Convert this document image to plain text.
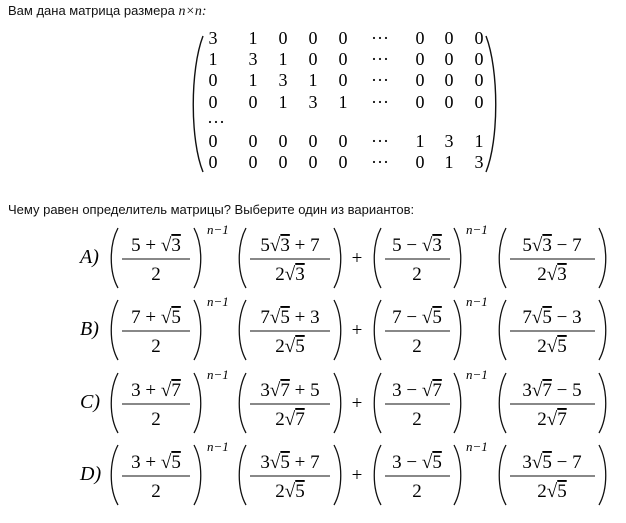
Вам дана матрица размера n×n:
3 1 0 0 0 ··· 0 0 0
1 3 1 0 0 ··· 0 0 0
0 1 3 1 0 ··· 0 0 0
0 0 1 3 1 ··· 0 0 0
···
0 0 0 0 0 ··· 1 3 1
0 0 0 0 0 ··· 0 1 3
Чему равен определитель матрицы? Выберите один из вариантов:
A)
5 + √3
2
5√3 + 7
2√3
5 − √3
2
5√3 − 7
2√3
n−1	n−1
+
B)
7 + √5
2
7√5 + 3
2√5
7 − √5
2
7√5 − 3
2√5
n−1	n−1
+
C)
3 + √7
2
3√7 + 5
2√7
3 − √7
2
3√7 − 5
2√7
n−1	n−1
+
D)
3 + √5
2
3√5 + 7
2√5
3 − √5
2
3√5 − 7
2√5
n−1	n−1
+
